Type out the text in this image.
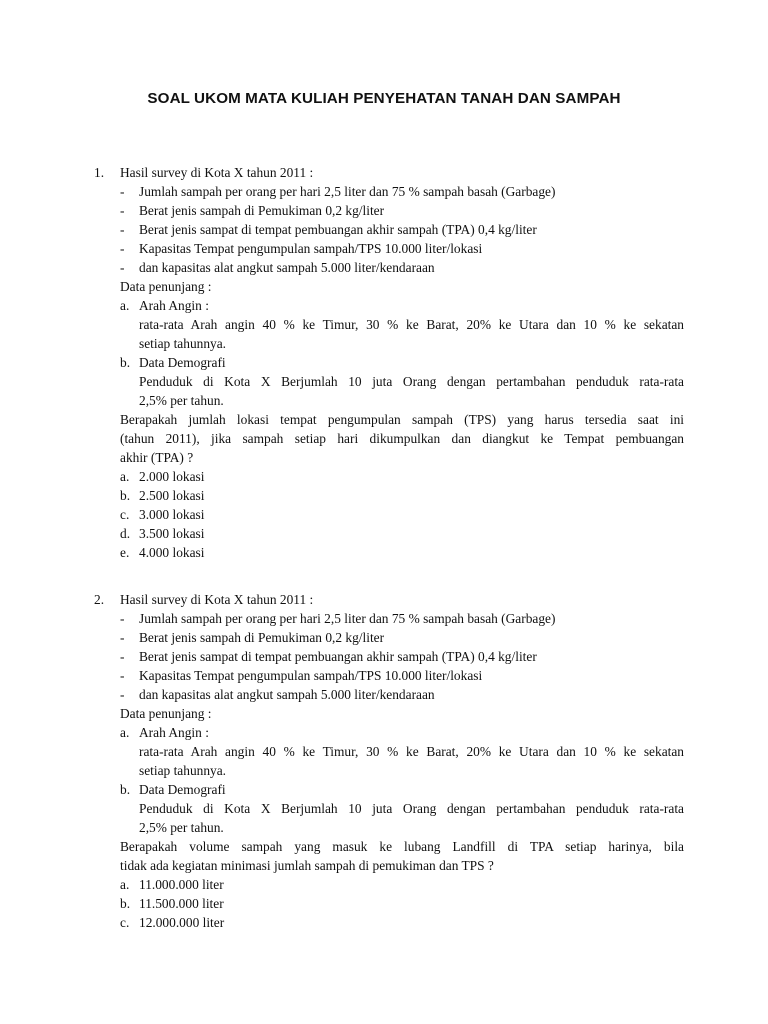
SOAL UKOM MATA KULIAH PENYEHATAN TANAH DAN SAMPAH
1. Hasil survey di Kota X tahun 2011 :
- Jumlah sampah per orang per hari 2,5 liter dan 75 % sampah basah (Garbage)
- Berat jenis sampah di Pemukiman 0,2 kg/liter
- Berat jenis sampat di tempat pembuangan akhir sampah (TPA) 0,4 kg/liter
- Kapasitas Tempat pengumpulan sampah/TPS 10.000 liter/lokasi
- dan kapasitas alat angkut sampah 5.000 liter/kendaraan
Data penunjang :
a. Arah Angin :
rata-rata Arah angin 40 % ke Timur, 30 % ke Barat, 20% ke Utara dan 10 % ke sekatan
setiap tahunnya.
b. Data Demografi
Penduduk di Kota X Berjumlah 10 juta Orang dengan pertambahan penduduk rata-rata
2,5% per tahun.
Berapakah jumlah lokasi tempat pengumpulan sampah (TPS) yang harus tersedia saat ini
(tahun 2011), jika sampah setiap hari dikumpulkan dan diangkut ke Tempat pembuangan
akhir (TPA) ?
a. 2.000 lokasi
b. 2.500 lokasi
c. 3.000 lokasi
d. 3.500 lokasi
e. 4.000 lokasi
2. Hasil survey di Kota X tahun 2011 :
- Jumlah sampah per orang per hari 2,5 liter dan 75 % sampah basah (Garbage)
- Berat jenis sampah di Pemukiman 0,2 kg/liter
- Berat jenis sampat di tempat pembuangan akhir sampah (TPA) 0,4 kg/liter
- Kapasitas Tempat pengumpulan sampah/TPS 10.000 liter/lokasi
- dan kapasitas alat angkut sampah 5.000 liter/kendaraan
Data penunjang :
a. Arah Angin :
rata-rata Arah angin 40 % ke Timur, 30 % ke Barat, 20% ke Utara dan 10 % ke sekatan
setiap tahunnya.
b. Data Demografi
Penduduk di Kota X Berjumlah 10 juta Orang dengan pertambahan penduduk rata-rata
2,5% per tahun.
Berapakah volume sampah yang masuk ke lubang Landfill di TPA setiap harinya, bila
tidak ada kegiatan minimasi jumlah sampah di pemukiman dan TPS ?
a. 11.000.000 liter
b. 11.500.000 liter
c. 12.000.000 liter
